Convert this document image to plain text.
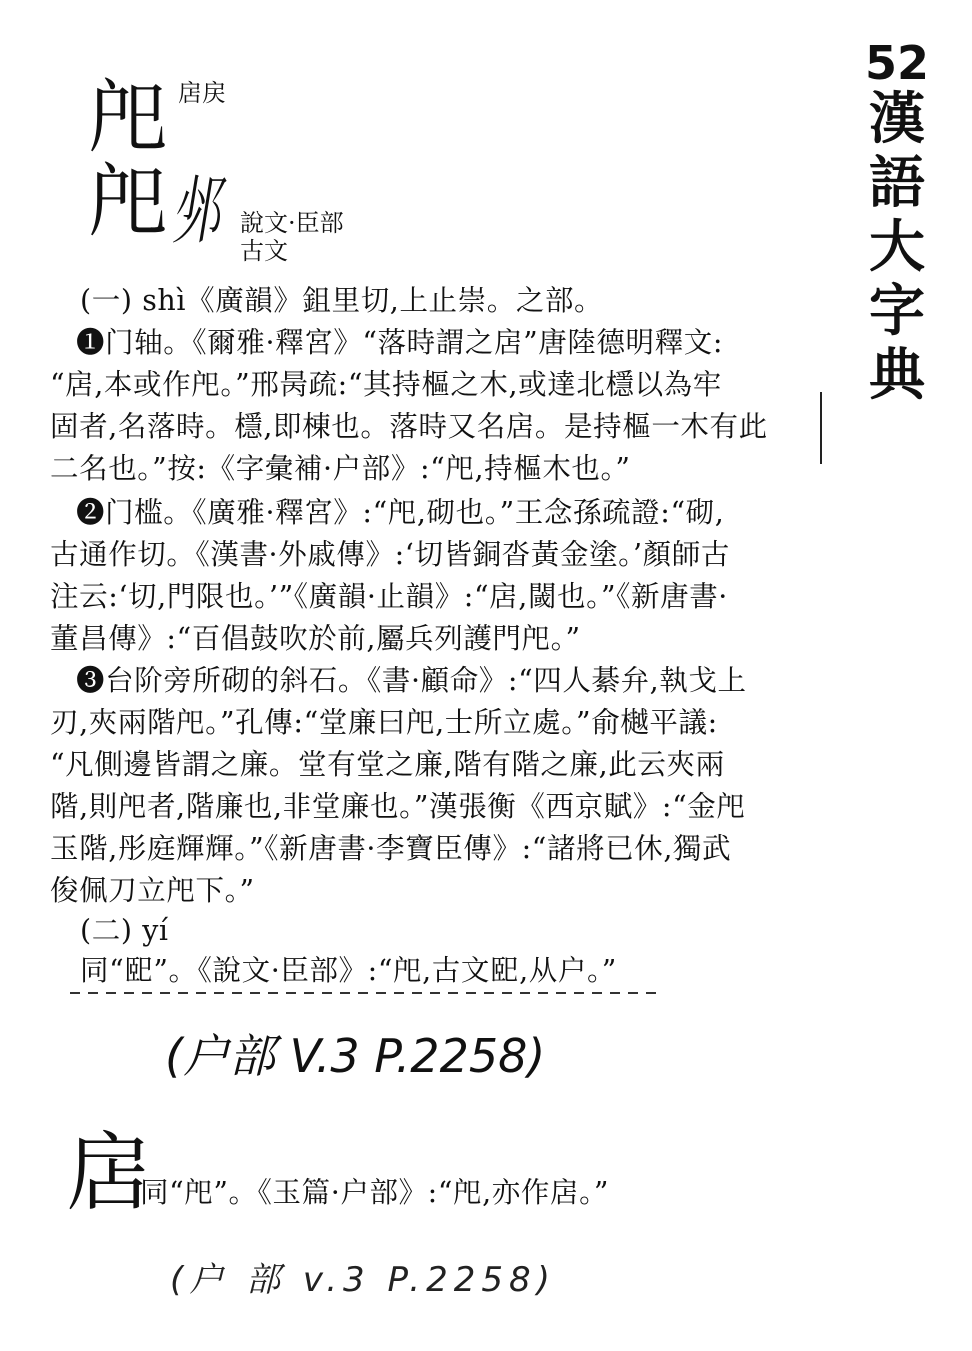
52
漢
語
大
字
典
戺 扂戻
戺 𨙹 說文·臣部
古文
(一) shì《廣韻》鉏里切,上止崇。之部。
❶门轴。《爾雅·釋宮》“落時謂之扂”唐陸德明釋文:
“扂,本或作戺。”邢昺疏:“其持樞之木,或達北檼以為牢
固者,名落時。檼,即棟也。落時又名扂。是持樞一木有此
二名也。”按:《字彙補·户部》:“戺,持樞木也。”
❷门槛。《廣雅·釋宮》:“戺,砌也。”王念孫疏證:“砌,
古通作切。《漢書·外戚傳》:‘切皆銅沓黃金塗。’顏師古
注云:‘切,門限也。’”《廣韻·止韻》:“扂,閾也。”《新唐書·
董昌傳》:“百倡鼓吹於前,屬兵列護門戺。”
❸台阶旁所砌的斜石。《書·顧命》:“四人綦弁,執戈上
刃,夾兩階戺。”孔傳:“堂廉曰戺,士所立處。”俞樾平議:
“凡側邊皆謂之廉。堂有堂之廉,階有階之廉,此云夾兩
階,則戺者,階廉也,非堂廉也。”漢張衡《西京賦》:“金戺
玉階,彤庭輝輝。”《新唐書·李寶臣傳》:“諸將已休,獨武
俊佩刀立戺下。”
(二) yí
同“巸”。《說文·臣部》:“戺,古文巸,从户。”
(户部 V.3 P.2258)
扂
同“戺”。《玉篇·户部》:“戺,亦作扂。”
(户 部 v.3 P.2258)
